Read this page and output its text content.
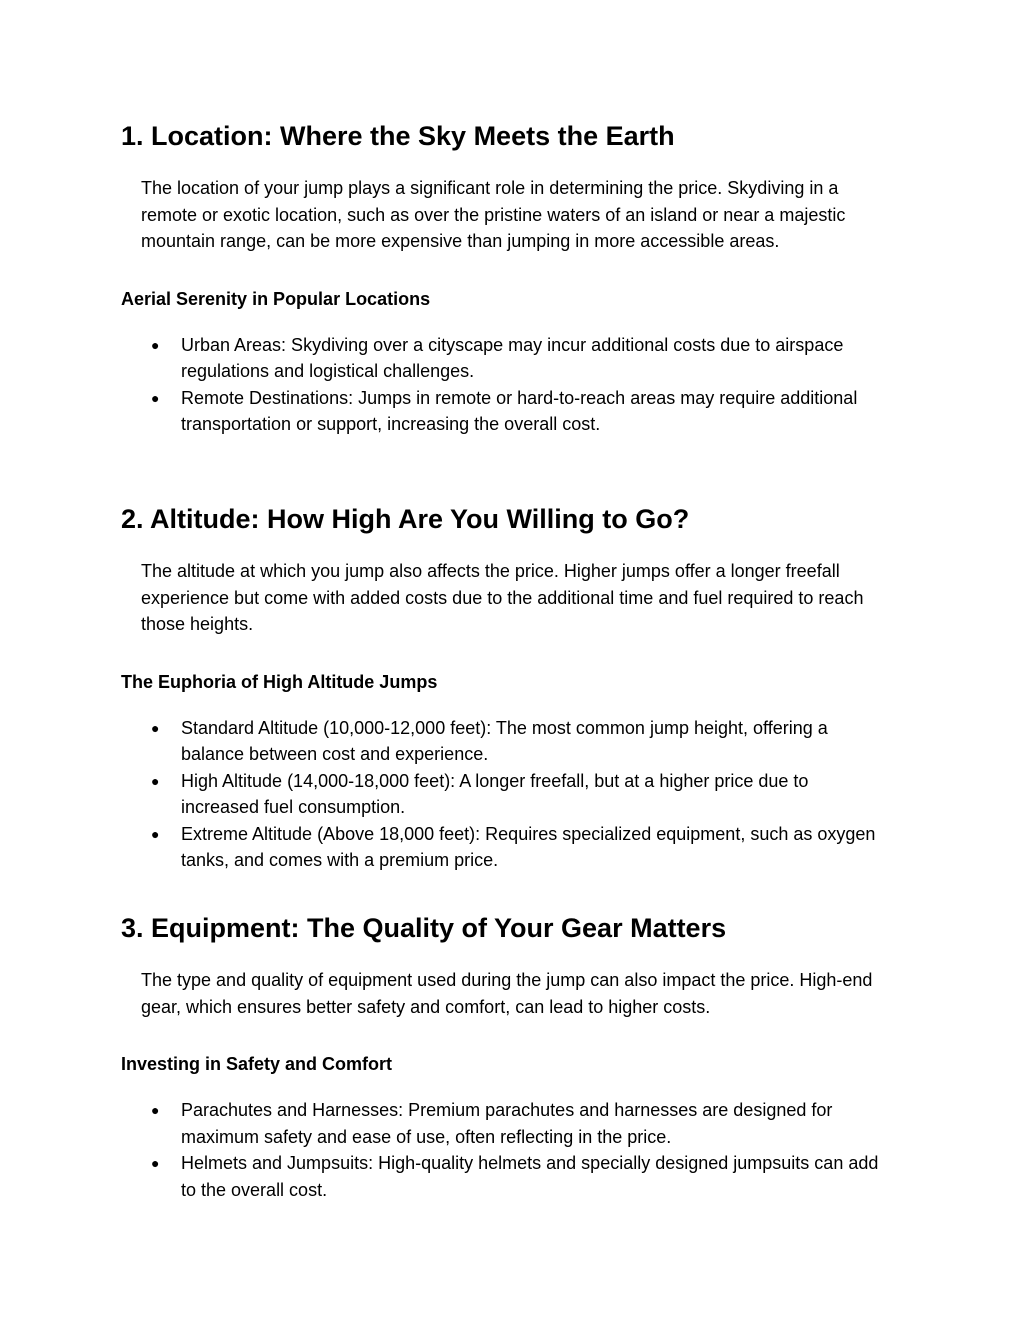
1. Location: Where the Sky Meets the Earth

The location of your jump plays a significant role in determining the price. Skydiving in a remote or exotic location, such as over the pristine waters of an island or near a majestic mountain range, can be more expensive than jumping in more accessible areas.

Aerial Serenity in Popular Locations
● Urban Areas: Skydiving over a cityscape may incur additional costs due to airspace regulations and logistical challenges.
● Remote Destinations: Jumps in remote or hard-to-reach areas may require additional transportation or support, increasing the overall cost.
2. Altitude: How High Are You Willing to Go?

The altitude at which you jump also affects the price. Higher jumps offer a longer freefall experience but come with added costs due to the additional time and fuel required to reach those heights.

The Euphoria of High Altitude Jumps
● Standard Altitude (10,000-12,000 feet): The most common jump height, offering a balance between cost and experience.
● High Altitude (14,000-18,000 feet): A longer freefall, but at a higher price due to increased fuel consumption.
● Extreme Altitude (Above 18,000 feet): Requires specialized equipment, such as oxygen tanks, and comes with a premium price.
3. Equipment: The Quality of Your Gear Matters

The type and quality of equipment used during the jump can also impact the price. High-end gear, which ensures better safety and comfort, can lead to higher costs.

Investing in Safety and Comfort
● Parachutes and Harnesses: Premium parachutes and harnesses are designed for maximum safety and ease of use, often reflecting in the price.
● Helmets and Jumpsuits: High-quality helmets and specially designed jumpsuits can add to the overall cost.
